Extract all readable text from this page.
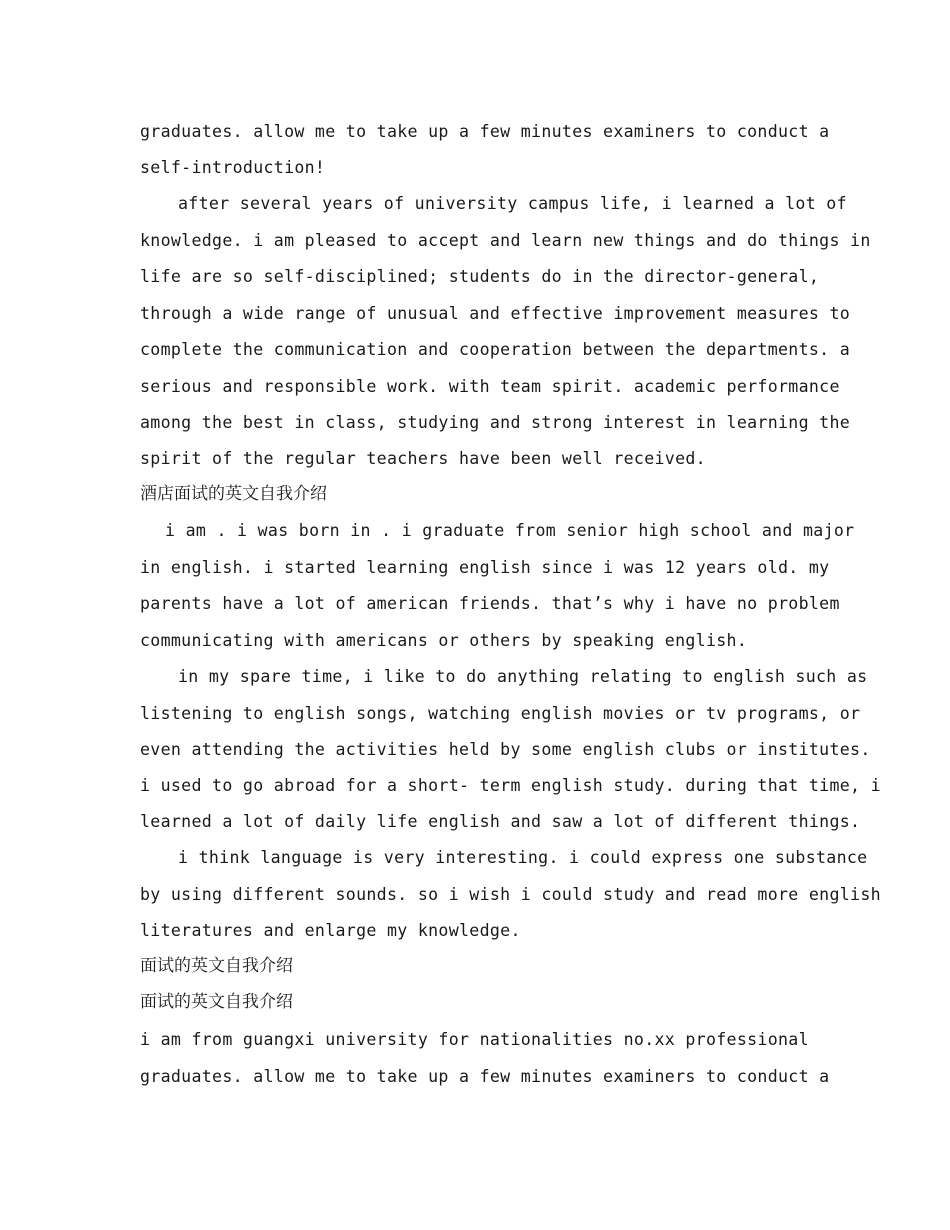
graduates. allow me to take up a few minutes examiners to conduct a
self-introduction!
after several years of university campus life, i learned a lot of
knowledge. i am pleased to accept and learn new things and do things in
life are so self-disciplined; students do in the director-general,
through a wide range of unusual and effective improvement measures to
complete the communication and cooperation between the departments. a
serious and responsible work. with team spirit. academic performance
among the best in class, studying and strong interest in learning the
spirit of the regular teachers have been well received.
酒店面试的英文自我介绍
i am . i was born in . i graduate from senior high school and major
in english. i started learning english since i was 12 years old. my
parents have a lot of american friends. that’s why i have no problem
communicating with americans or others by speaking english.
in my spare time, i like to do anything relating to english such as
listening to english songs, watching english movies or tv programs, or
even attending the activities held by some english clubs or institutes.
i used to go abroad for a short- term english study. during that time, i
learned a lot of daily life english and saw a lot of different things.
i think language is very interesting. i could express one substance
by using different sounds. so i wish i could study and read more english
literatures and enlarge my knowledge.
面试的英文自我介绍
面试的英文自我介绍
i am from guangxi university for nationalities no.xx professional
graduates. allow me to take up a few minutes examiners to conduct a
